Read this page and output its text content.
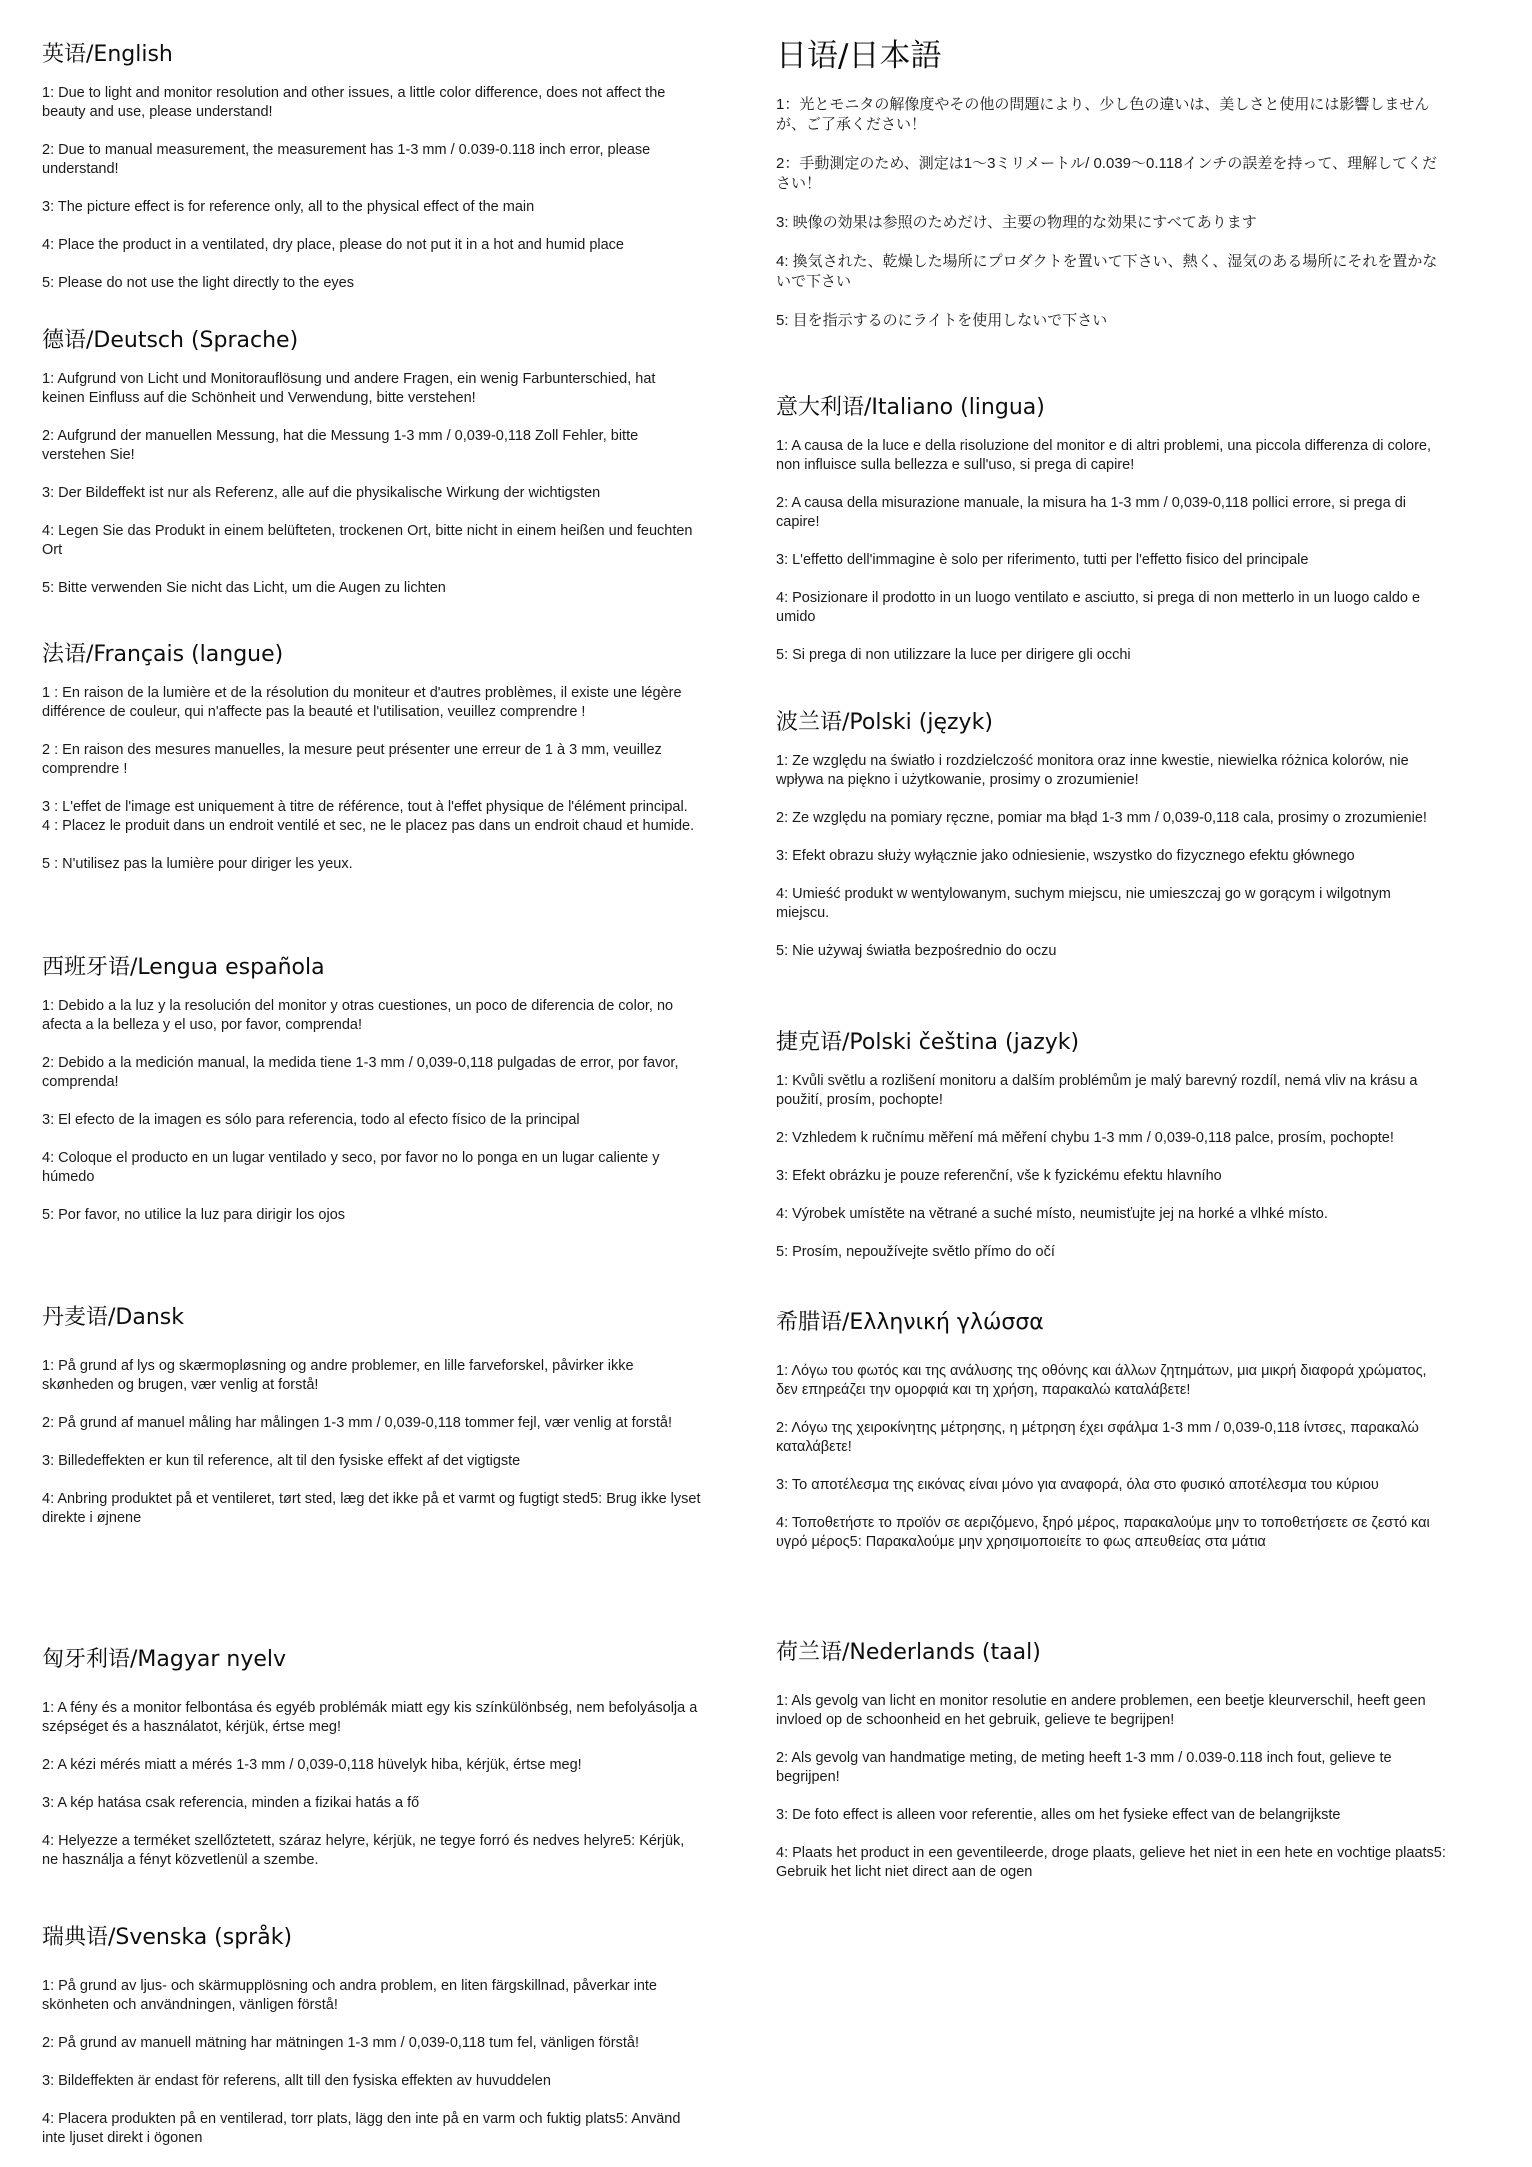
英语/English

1: Due to light and monitor resolution and other issues, a little color difference, does not affect the beauty and use, please understand!

2: Due to manual measurement, the measurement has 1-3 mm / 0.039-0.118 inch error, please understand!

3: The picture effect is for reference only, all to the physical effect of the main

4: Place the product in a ventilated, dry place, please do not put it in a hot and humid place

5: Please do not use the light directly to the eyes

德语/Deutsch (Sprache)

1: Aufgrund von Licht und Monitorauflösung und andere Fragen, ein wenig Farbunterschied, hat keinen Einfluss auf die Schönheit und Verwendung, bitte verstehen!

2: Aufgrund der manuellen Messung, hat die Messung 1-3 mm / 0,039-0,118 Zoll Fehler, bitte verstehen Sie!

3: Der Bildeffekt ist nur als Referenz, alle auf die physikalische Wirkung der wichtigsten

4: Legen Sie das Produkt in einem belüfteten, trockenen Ort, bitte nicht in einem heißen und feuchten Ort

5: Bitte verwenden Sie nicht das Licht, um die Augen zu lichten

法语/Français (langue)

1 : En raison de la lumière et de la résolution du moniteur et d'autres problèmes, il existe une légère différence de couleur, qui n'affecte pas la beauté et l'utilisation, veuillez comprendre !

2 : En raison des mesures manuelles, la mesure peut présenter une erreur de 1 à 3 mm, veuillez comprendre !

3 : L'effet de l'image est uniquement à titre de référence, tout à l'effet physique de l'élément principal.

4 : Placez le produit dans un endroit ventilé et sec, ne le placez pas dans un endroit chaud et humide.

5 : N'utilisez pas la lumière pour diriger les yeux.

西班牙语/Lengua española

1: Debido a la luz y la resolución del monitor y otras cuestiones, un poco de diferencia de color, no afecta a la belleza y el uso, por favor, comprenda!

2: Debido a la medición manual, la medida tiene 1-3 mm / 0,039-0,118 pulgadas de error, por favor, comprenda!

3: El efecto de la imagen es sólo para referencia, todo al efecto físico de la principal

4: Coloque el producto en un lugar ventilado y seco, por favor no lo ponga en un lugar caliente y húmedo

5: Por favor, no utilice la luz para dirigir los ojos

丹麦语/Dansk

1: På grund af lys og skærmopløsning og andre problemer, en lille farveforskel, påvirker ikke skønheden og brugen, vær venlig at forstå!

2: På grund af manuel måling har målingen 1-3 mm / 0,039-0,118 tommer fejl, vær venlig at forstå!

3: Billedeffekten er kun til reference, alt til den fysiske effekt af det vigtigste

4: Anbring produktet på et ventileret, tørt sted, læg det ikke på et varmt og fugtigt sted5: Brug ikke lyset direkte i øjnene

匈牙利语/Magyar nyelv

1: A fény és a monitor felbontása és egyéb problémák miatt egy kis színkülönbség, nem befolyásolja a szépséget és a használatot, kérjük, értse meg!

2: A kézi mérés miatt a mérés 1-3 mm / 0,039-0,118 hüvelyk hiba, kérjük, értse meg!

3: A kép hatása csak referencia, minden a fizikai hatás a fő

4: Helyezze a terméket szellőztetett, száraz helyre, kérjük, ne tegye forró és nedves helyre5: Kérjük, ne használja a fényt közvetlenül a szembe.

瑞典语/Svenska (språk)

1: På grund av ljus- och skärmupplösning och andra problem, en liten färgskillnad, påverkar inte skönheten och användningen, vänligen förstå!

2: På grund av manuell mätning har mätningen 1-3 mm / 0,039-0,118 tum fel, vänligen förstå!

3: Bildeffekten är endast för referens, allt till den fysiska effekten av huvuddelen

4: Placera produkten på en ventilerad, torr plats, lägg den inte på en varm och fuktig plats5: Använd inte ljuset direkt i ögonen

日语/日本語

1：光とモニタの解像度やその他の問題により、少し色の違いは、美しさと使用には影響しませんが、ご了承ください！

2：手動測定のため、測定は1～3ミリメートル/ 0.039～0.118インチの誤差を持って、理解してください！

3: 映像の効果は参照のためだけ、主要の物理的な効果にすべてあります

4: 換気された、乾燥した場所にプロダクトを置いて下さい、熱く、湿気のある場所にそれを置かないで下さい

5: 目を指示するのにライトを使用しないで下さい

意大利语/Italiano (lingua)

1: A causa de la luce e della risoluzione del monitor e di altri problemi, una piccola differenza di colore, non influisce sulla bellezza e sull'uso, si prega di capire!

2: A causa della misurazione manuale, la misura ha 1-3 mm / 0,039-0,118 pollici errore, si prega di capire!

3: L'effetto dell'immagine è solo per riferimento, tutti per l'effetto fisico del principale

4: Posizionare il prodotto in un luogo ventilato e asciutto, si prega di non metterlo in un luogo caldo e umido

5: Si prega di non utilizzare la luce per dirigere gli occhi

波兰语/Polski (język)

1: Ze względu na światło i rozdzielczość monitora oraz inne kwestie, niewielka różnica kolorów, nie wpływa na piękno i użytkowanie, prosimy o zrozumienie!

2: Ze względu na pomiary ręczne, pomiar ma błąd 1-3 mm / 0,039-0,118 cala, prosimy o zrozumienie!

3: Efekt obrazu służy wyłącznie jako odniesienie, wszystko do fizycznego efektu głównego

4: Umieść produkt w wentylowanym, suchym miejscu, nie umieszczaj go w gorącym i wilgotnym miejscu.

5: Nie używaj światła bezpośrednio do oczu

捷克语/Polski čeština (jazyk)

1: Kvůli světlu a rozlišení monitoru a dalším problémům je malý barevný rozdíl, nemá vliv na krásu a použití, prosím, pochopte!

2: Vzhledem k ručnímu měření má měření chybu 1-3 mm / 0,039-0,118 palce, prosím, pochopte!

3: Efekt obrázku je pouze referenční, vše k fyzickému efektu hlavního

4: Výrobek umístěte na větrané a suché místo, neumisťujte jej na horké a vlhké místo.

5: Prosím, nepoužívejte světlo přímo do očí

希腊语/Ελληνική γλώσσα

1: Λόγω του φωτός και της ανάλυσης της οθόνης και άλλων ζητημάτων, μια μικρή διαφορά χρώματος, δεν επηρεάζει την ομορφιά και τη χρήση, παρακαλώ καταλάβετε!

2: Λόγω της χειροκίνητης μέτρησης, η μέτρηση έχει σφάλμα 1-3 mm / 0,039-0,118 ίντσες, παρακαλώ καταλάβετε!

3: Το αποτέλεσμα της εικόνας είναι μόνο για αναφορά, όλα στο φυσικό αποτέλεσμα του κύριου

4: Τοποθετήστε το προϊόν σε αεριζόμενο, ξηρό μέρος, παρακαλούμε μην το τοποθετήσετε σε ζεστό και υγρό μέρος5: Παρακαλούμε μην χρησιμοποιείτε το φως απευθείας στα μάτια

荷兰语/Nederlands (taal)

1: Als gevolg van licht en monitor resolutie en andere problemen, een beetje kleurverschil, heeft geen invloed op de schoonheid en het gebruik, gelieve te begrijpen!

2: Als gevolg van handmatige meting, de meting heeft 1-3 mm / 0.039-0.118 inch fout, gelieve te begrijpen!

3: De foto effect is alleen voor referentie, alles om het fysieke effect van de belangrijkste

4: Plaats het product in een geventileerde, droge plaats, gelieve het niet in een hete en vochtige plaats5: Gebruik het licht niet direct aan de ogen
